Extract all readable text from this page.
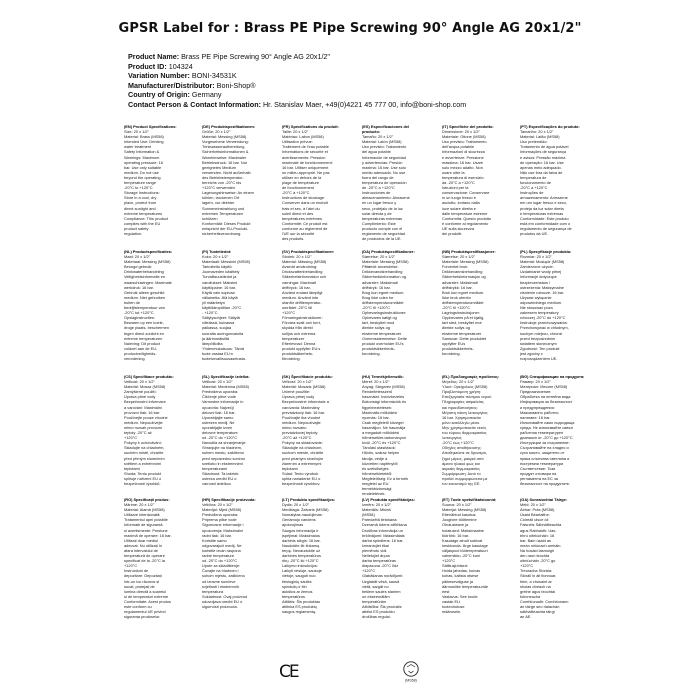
GPSR Label for : Brass PE Pipe Screwing 90° Angle AG 20x1/2"
Product Name: Brass PE Pipe Screwing 90° Angle AG 20x1/2"
Product ID: 104324
Variation Number: BONI-34531K
Manufacturer/Distributor: Boni-Shop®
Country of Origin: Germany
Contact Person & Contact Information: Hr. Stanislav Maer, +49(0)4221 45 777 00, info@boni-shop.com
(EN) Product Specifications:
Size: 20 x 1/2"
Material: Brass (MS58)
Intended Use: Drinking
water treatment
Safety Information &
Warnings: Maximum
operating pressure: 16
bar. Use only suitable
medium. Do not use
beyond the operating
temperature range
-20°C to +120°C
Storage Instructions:
Store in a cool, dry
place, protect from
direct sunlight and
extreme temperatures
Compliance: This product
complies with the EU
product safety
regulation.
(DE) Produktspezifikationen:
Größe: 20 x 1/2"
Material: Messing (MS58)
Vorgesehene Verwendung:
Trinkwasseraufbereitung
Sicherheitsinformationen &
Warnhinweise: Maximaler
Betriebsdruck: 16 bar. Nur
geeignetes Medium
verwenden. Nicht außerhalb
des Betriebstemperatur-
bereichs von -20°C bis
+120°C verwenden
Lagerungshinweise: An einem
kühlen, trockenen Ort
lagern, vor direkter
Sonneneinstrahlung und
extremen Temperaturen
schützen
Konformität: Dieses Produkt
entspricht der EU-Produkt-
sicherheitsverordnung.
(FR) Spécifications du produit:
Taille: 20 x 1/2"
Matériau: Laiton (MS58)
Utilisation prévue:
Traitement de l'eau potable
Informations de sécurité et
avertissements: Pression
maximale de fonctionnement:
16 bar. Utiliser uniquement
un milieu approprié. Ne pas
utiliser en dehors de la
plage de température
de fonctionnement
-20°C à +120°C
Instructions de stockage:
Conserver dans un endroit
frais et sec, à l'abri du
soleil direct et des
températures extrêmes
Conformité: Ce produit est
conforme au règlement de
l'UE sur la sécurité
des produits.
(ES) Especificaciones del producto:
Tamaño: 20 x 1/2"
Material: Latón (MS58)
Uso previsto: Tratamiento
del agua potable
Información de seguridad
y advertencias: Presión
máxima: 16 bar. Use solo
medio adecuado. No use
fuera del rango de
temperatura de operación
de -20°C a +120°C
Instrucciones de
almacenamiento: Almacene
en un lugar fresco y
seco, protéjalo de la luz
solar directa y de
temperaturas extremas
Cumplimiento: Este
producto cumple con el
reglamento de seguridad
de productos de la UE.
(IT) Specifiche del prodotto:
Dimensione: 20 x 1/2"
Materiale: Ottone (MS58)
Uso previsto: Trattamento
dell'acqua potabile
Informazioni di sicurezza
e avvertenze: Pressione
massima: 16 bar. Usare
solo mezzo adatto. Non
usare oltre la
temperatura di esercizio
da -20°C a +120°C
Istruzioni per la
conservazione: Conservare
in un luogo fresco e
asciutto, lontano dalla
luce solare diretta e
dalle temperature estreme
Conformità: Questo prodotto
è conforme al regolamento
UE sulla sicurezza
dei prodotti.
(PT) Especificações do produto:
Tamanho: 20 x 1/2"
Material: Latão (MS58)
Uso pretendido:
Tratamento de água potável
Informações de segurança
e avisos: Pressão máxima
de operação: 16 bar. Use
apenas meio adequado.
Não use fora da faixa de
temperatura de
funcionamento de
-20°C a +120°C
Instruções de
armazenamento: Armazene
em um lugar fresco e seco,
proteja da luz solar direta
e temperaturas extremas
Conformidade: Este produto
está em conformidade com o
regulamento de segurança de
produtos da UE.
(NL) Productspecificaties:
Maat: 20 x 1/2"
Materiaal: Messing (MS58)
Beoogd gebruik:
Drinkwaterbehandeling
Veiligheidsinformatie en
waarschuwingen: Maximale
werkdruk: 16 bar.
Gebruik alleen geschikt
medium. Niet gebruiken
buiten de
bedrijfstemperatuur van
-20°C tot +120°C
Opslaginstructies:
Bewaren op een koele,
droge plaats, beschermen
tegen direct zonlicht en
extreme temperaturen
Naleving: Dit product
voldoet aan de EU-
productveiligheids-
verordening.
(FI) Tuotetiedot:
Koko: 20 x 1/2"
Materiaali: Messinki (MS58)
Tarkoitettu käyttö:
Juomaveden käsittely
Turvallisuustiedot ja
varoitukset: Maksimi
käyttöpaine: 16 bar.
Käytä vain sopivaa
väliainetta. Älä käytä
yli määritetyn
käyttölämpötilan -20°C
- +120°C
Säilytysohjeet: Säilytä
viileässä, kuivassa
paikassa, suojaa
suoralta auringonvalolta
ja äärimmäisiltä
lämpötiloilta
Yhdenmukaisuus: Tämä
tuote vastaa EU:n
tuoteturvallisuusasetusta.
(SV) Produktspecifikationer:
Storlek: 20 x 1/2"
Material: Mässing (MS58)
Avsedd användning:
Dricksvattenbehandling
Säkerhetsinformation och
varningar: Maximalt
drifttryck: 16 bar.
Använd endast lämpligt
medium. Använd inte
utanför drifttemperatur-
området -20°C till
+120°C
Förvaringsinstruktioner:
Förvara svalt och torrt,
skydda från direkt
solljus och extrema
temperaturer
Efterlevnad: Denna
produkt uppfyller EU:s
produktsäkerhets-
förordning.
(DA) Produktspecifikationer:
Størrelse: 20 x 1/2"
Materiale: Messing (MS58)
Påtænkt anvendelse:
Drikkevandsbehandling
Sikkerhedsinformation og
advarsler: Maksimalt
driftstryk: 16 bar.
Brug kun egnet medium.
Brug ikke uden for
driftstemperaturområdet
-20°C til +120°C
Opbevaringsinstruktioner:
Opbevares køligt og
tørt, beskyttet mod
direkte sollys og
ekstreme temperaturer
Overensstemmelse: Dette
produkt overholder EU's
produktsikkerheds-
forordning.
(NB) Produktspesifikasjoner:
Størrelse: 20 x 1/2"
Materiale: Messing (MS58)
Forventet bruk:
Drikkevannsbehandling
Sikkerhetsinformasjon og
advarsler: Maksimalt
driftstrykk: 16 bar.
Bruk kun egnet medium.
Ikke bruk utenfor
driftstemperaturområdet
-20°C til +120°C
Lagringsinstruksjoner:
Oppbevares på et kjølig,
tørt sted, beskyttet mot
direkte sollys og
ekstreme temperaturer
Samsvar: Dette produktet
oppfyller EUs
produktsikkerhets-
forordning.
(PL) Specyfikacje produktu:
Rozmiar: 20 x 1/2"
Materiał: Mosiądz (MS58)
Zamierzone użycie:
Uzdatnianie wody pitnej
Informacje dotyczące
bezpieczeństwa i
ostrzeżenia: Maksymalne
ciśnienie robocze: 16 bar.
Używać wyłącznie
odpowiedniego medium.
Nie stosować poza
zakresem temperatury
roboczej -20°C do +120°C
Instrukcje przechowywania:
Przechowywać w chłodnym,
suchym miejscu, chronić
przed bezpośrednim
światłem słonecznym
Zgodność: Ten produkt
jest zgodny z
rozporządzeniem UE.
(CS) Specifikace produktu:
Velikost: 20 x 1/2"
Materiál: Mosaz (MS58)
Zamýšlené použití:
Úprava pitné vody
Bezpečnostní informace
a varování: Maximální
provozní tlak: 16 bar.
Používejte pouze vhodné
médium. Nepoužívejte
mimo rozsah provozní
teploty -20°C až
+120°C
Pokyny k uchovávání:
Skladujte na chladném,
suchém místě, chraňte
před přímým slunečním
světlem a extrémními
teplotami
Shoda: Tento produkt
splňuje nařízení EU o
bezpečnosti výrobků.
(SL) Specifikacije izdelka:
Velikost: 20 x 1/2"
Material: Medenina (MS58)
Predvidena uporaba:
Čiščenje pitne vode
Varnostne informacije in
opozorila: Največji
delovni tlak: 16 bar.
Uporabljajte samo
ustrezen medij. Ne
uporabljajte izven
delovne temperature
od -20°C do +120°C
Navodila za shranjevanje:
Shranjujte na hladnem,
suhem mestu, zaščiteno
pred neposredno sončno
svetlobo in ekstremnimi
temperaturami
Skladnost: Ta izdelek
ustreza uredbi EU o
varnosti izdelkov.
(SK) Špecifikácie produktu:
Veľkosť: 20 x 1/2"
Materiál: Mosadz (MS58)
Určené použitie:
Úprava pitnej vody
Bezpečnostné informácie a
varovania: Maximálny
prevádzkový tlak: 16 bar.
Používajte iba vhodné
médium. Nepoužívajte
mimo rozsahu
prevádzkovej teploty
-20°C až +120°C
Pokyny na skladovanie:
Skladujte na chladnom,
suchom mieste, chráňte
pred priamym slnečným
žiarením a extrémnymi
teplotami
Súlad: Tento výrobok
spĺňa nariadenie EU o
bezpečnosti výrobkov.
(HU) Termékjellemzők:
Méret: 20 x 1/2"
Anyag: Sárgaréz (MS58)
Rendeltetésszerű
használat: Ivóvízkezelés
Biztonsági információk és
figyelmeztetések:
Maximális működési
nyomás: 16 bar.
Csak megfelelő közeget
használjon. Ne használja
a megadott működési
hőmérséklet-tartományon
kívül -20°C és +120°C
Tárolási utasítások:
Hűvös, száraz helyen
tárolja, védje a
közvetlen napfénytől
és szélsőséges
hőmérsékletektől
Megfelelőség: Ez a termék
megfelel az EU
termékbiztonsági
rendeletének.
(EL) Προδιαγραφές προϊόντος:
Μέγεθος: 20 x 1/2"
Υλικό: Ορείχαλκος (MS58)
Προβλεπόμενη χρήση:
Επεξεργασία πόσιμου νερού
Πληροφορίες ασφαλείας
και προειδοποιήσεις:
Μέγιστη πίεση λειτουργίας:
16 bar. Χρησιμοποιείτε
μόνο κατάλληλο μέσο.
Μην χρησιμοποιείτε εκτός
του εύρους θερμοκρασίας
λειτουργίας
-20°C έως +120°C
Οδηγίες αποθήκευσης:
Αποθηκεύετε σε δροσερό,
ξηρό μέρος, μακριά από
άμεσο ηλιακό φως και
ακραίες θερμοκρασίες
Συμμόρφωση: Αυτό το
προϊόν συμμορφώνεται με
τον κανονισμό της ΕΕ.
(BG) Спецификации на продукта:
Размер: 20 x 1/2"
Материал: Месинг (MS58)
Предназначение:
Обработка на питейна вода
Информация за безопасност
и предупреждения:
Максимално работно
налягане: 16 bar.
Използвайте само подходяща
среда. Не използвайте извън
работния температурен
диапазон от -20°C до +120°C
Инструкции за съхранение:
Съхранявайте на хладно и
сухо място, защитено от
пряка слънчева светлина и
екстремни температури
Съответствие: Този
продукт отговаря на
регламента на ЕС за
безопасност на продуктите.
(RO) Specificații produs:
Mărime: 20 x 1/2"
Material: Alamă (MS58)
Utilizare intenționată:
Tratamentul apei potabile
Informații de siguranță
și avertismente: Presiune
maximă de operare: 16 bar.
Utilizați doar mediul
adecvat. Nu utilizați în
afara intervalului de
temperatură de operare
specificat de la -20°C la
+120°C
Instrucțiuni de
depozitare: Depozitați
într-un loc răcoros și
uscat, protejați de
lumina directă a soarelui
și de temperaturi extreme
Conformitate: Acest produs
este conform cu
regulamentul UE privind
siguranța produselor.
(HR) Specifikacije proizvoda:
Veličina: 20 x 1/2"
Materijal: Mjed (MS58)
Predviđena uporaba:
Priprema pitke vode
Sigurnosne informacije i
upozorenja: Maksimalni
radni tlak: 16 bar.
Koristite samo
odgovarajući medij. Ne
koristite izvan raspona
radne temperature
od -20°C do +120°C
Upute za skladištenje:
Čuvajte na hladnom i
suhom mjestu, zaštićeno
od izravne sunčeve
svjetlosti i ekstremnih
temperatura
Sukladnost: Ovaj proizvod
udovoljava uredbi EU o
sigurnosti proizvoda.
(LT) Produkto specifikacijos:
Dydis: 20 x 1/2"
Medžiaga: Žalvaris (MS58)
Numatytas naudojimas:
Geriamojo vandens
apdorojimas
Saugos informacija ir
įspėjimai: Maksimalus
darbinis slėgis: 16 bar.
Naudokite tik tinkamą
terpę. Nenaudokite už
darbinės temperatūros
ribų -20°C iki +120°C
Laikymo instrukcijos:
Laikyti vėsioje, sausoje
vietoje, saugoti nuo
tiesioginių saulės
spindulių ir itin
aukštos ar žemos
temperatūros
Atitiktis: Šis produktas
atitinka ES produktų
saugos reglamentą.
(LV) Produkta specifikācijas:
Izmērs: 20 x 1/2"
Materiāls: Misiņš
(MS58)
Paredzētā lietošana:
Dzeramā ūdens attīrīšana
Drošības informācija un
brīdinājumi: Maksimālais
darba spiediens: 16 bar.
Izmantojiet tikai
piemērotu vidi.
Nelietojiet ārpus
darba temperatūras
diapazona -20°C līdz
+120°C
Glabāšanas norādījumi:
Uzglabāt vēsā, sausā
vietā, sargāt no
tiešiem saules stariem
un ekstremālām
temperatūrām
Atbilstība: Šis produkts
atbilst ES produktu
drošības regulai.
(ET) Toote spetsifikatsioonid:
Suurus: 20 x 1/2"
Materjal: Messing (MS58)
Ettenähtud kasutus:
Joogivee töötlemine
Ohutusteave ja
hoiatused: Maksimaalne
töörõhk: 16 bar.
Kasutage ainult sobivat
keskkonda. Ärge kasutage
väljaspool töötemperatuuri
vahemikku -20°C kuni
+120°C
Säilitusjuhised:
Hoida jahedas, kuivas
kohas, kaitsta otsese
päikesevalguse ja
äärmuslike temperatuuride
eest
Vastavus: See toode
vastab ELi
tooteohutuse
määrusele.
(GA) Sonraíochtaí Táirge:
Méid: 20 x 1/2"
Ábhar: Prás (MS58)
Úsáid Beartaithe:
Cóireáil uisce óil
Faisnéis Sábháilteachta
agus Rabhaidh: Uas-
bhrú oibriúcháin: 16
bar. Bain úsáid as
meán oiriúnach amháin.
Ná húsáid lasmuigh
den raon teochta
oibriúcháin -20°C go
+120°C
Treoracha Stórála:
Stóráil in áit fionnuar,
tirim, a chosaint ar
sholas díreach na
gréine agus teochtaí
foircneacha
Comhlíonadh: Comhlíonann
an táirge seo rialachán
sábháilteachta táirgí
an AE.
CE	(MS58)
